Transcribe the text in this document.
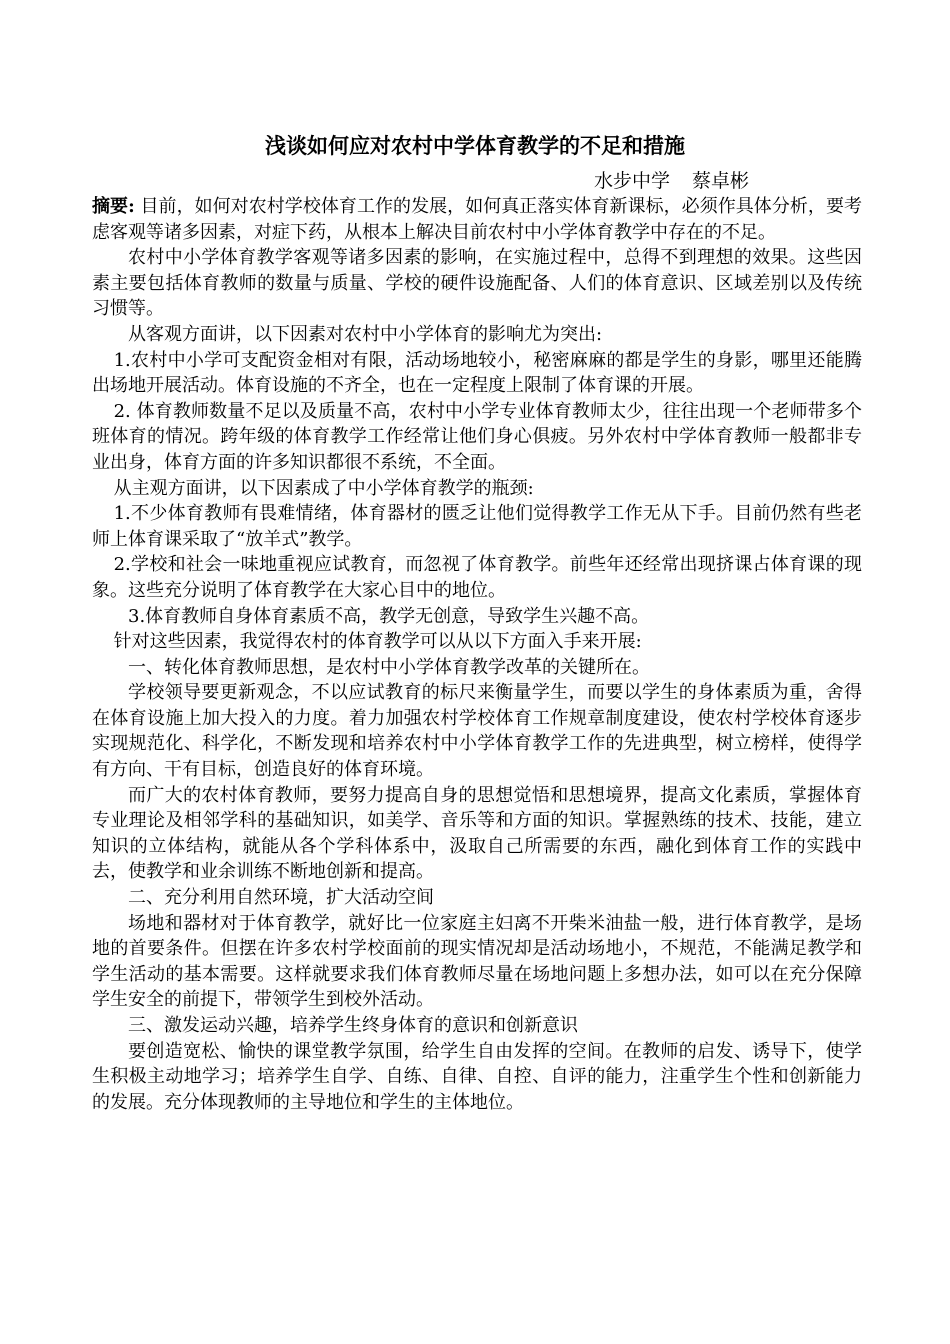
浅谈如何应对农村中学体育教学的不足和措施
水步中学 蔡卓彬

摘要: 目前，如何对农村学校体育工作的发展，如何真正落实体育新课标，必须作具体分析，要考虑客观等诸多因素，对症下药，从根本上解决目前农村中小学体育教学中存在的不足。

农村中小学体育教学客观等诸多因素的影响，在实施过程中，总得不到理想的效果。这些因素主要包括体育教师的数量与质量、学校的硬件设施配备、人们的体育意识、区域差别以及传统习惯等。

从客观方面讲，以下因素对农村中小学体育的影响尤为突出:

1.农村中小学可支配资金相对有限，活动场地较小，秘密麻麻的都是学生的身影，哪里还能腾出场地开展活动。体育设施的不齐全，也在一定程度上限制了体育课的开展。

2. 体育教师数量不足以及质量不高，农村中小学专业体育教师太少，往往出现一个老师带多个班体育的情况。跨年级的体育教学工作经常让他们身心俱疲。另外农村中学体育教师一般都非专业出身，体育方面的许多知识都很不系统，不全面。

从主观方面讲，以下因素成了中小学体育教学的瓶颈:

1.不少体育教师有畏难情绪，体育器材的匮乏让他们觉得教学工作无从下手。目前仍然有些老师上体育课采取了“放羊式”教学。

2.学校和社会一味地重视应试教育，而忽视了体育教学。前些年还经常出现挤课占体育课的现象。这些充分说明了体育教学在大家心目中的地位。

3.体育教师自身体育素质不高，教学无创意，导致学生兴趣不高。

针对这些因素，我觉得农村的体育教学可以从以下方面入手来开展:

一、转化体育教师思想，是农村中小学体育教学改革的关键所在。

学校领导要更新观念，不以应试教育的标尺来衡量学生，而要以学生的身体素质为重，舍得在体育设施上加大投入的力度。着力加强农村学校体育工作规章制度建设，使农村学校体育逐步实现规范化、科学化，不断发现和培养农村中小学体育教学工作的先进典型，树立榜样，使得学有方向、干有目标，创造良好的体育环境。

而广大的农村体育教师，要努力提高自身的思想觉悟和思想境界，提高文化素质，掌握体育专业理论及相邻学科的基础知识，如美学、音乐等和方面的知识。掌握熟练的技术、技能，建立知识的立体结构，就能从各个学科体系中，汲取自己所需要的东西，融化到体育工作的实践中去，使教学和业余训练不断地创新和提高。

二、充分利用自然环境，扩大活动空间

场地和器材对于体育教学，就好比一位家庭主妇离不开柴米油盐一般，进行体育教学，是场地的首要条件。但摆在许多农村学校面前的现实情况却是活动场地小，不规范，不能满足教学和学生活动的基本需要。这样就要求我们体育教师尽量在场地问题上多想办法，如可以在充分保障学生安全的前提下，带领学生到校外活动。

三、激发运动兴趣，培养学生终身体育的意识和创新意识

要创造宽松、愉快的课堂教学氛围，给学生自由发挥的空间。在教师的启发、诱导下，使学生积极主动地学习；培养学生自学、自练、自律、自控、自评的能力，注重学生个性和创新能力的发展。充分体现教师的主导地位和学生的主体地位。
